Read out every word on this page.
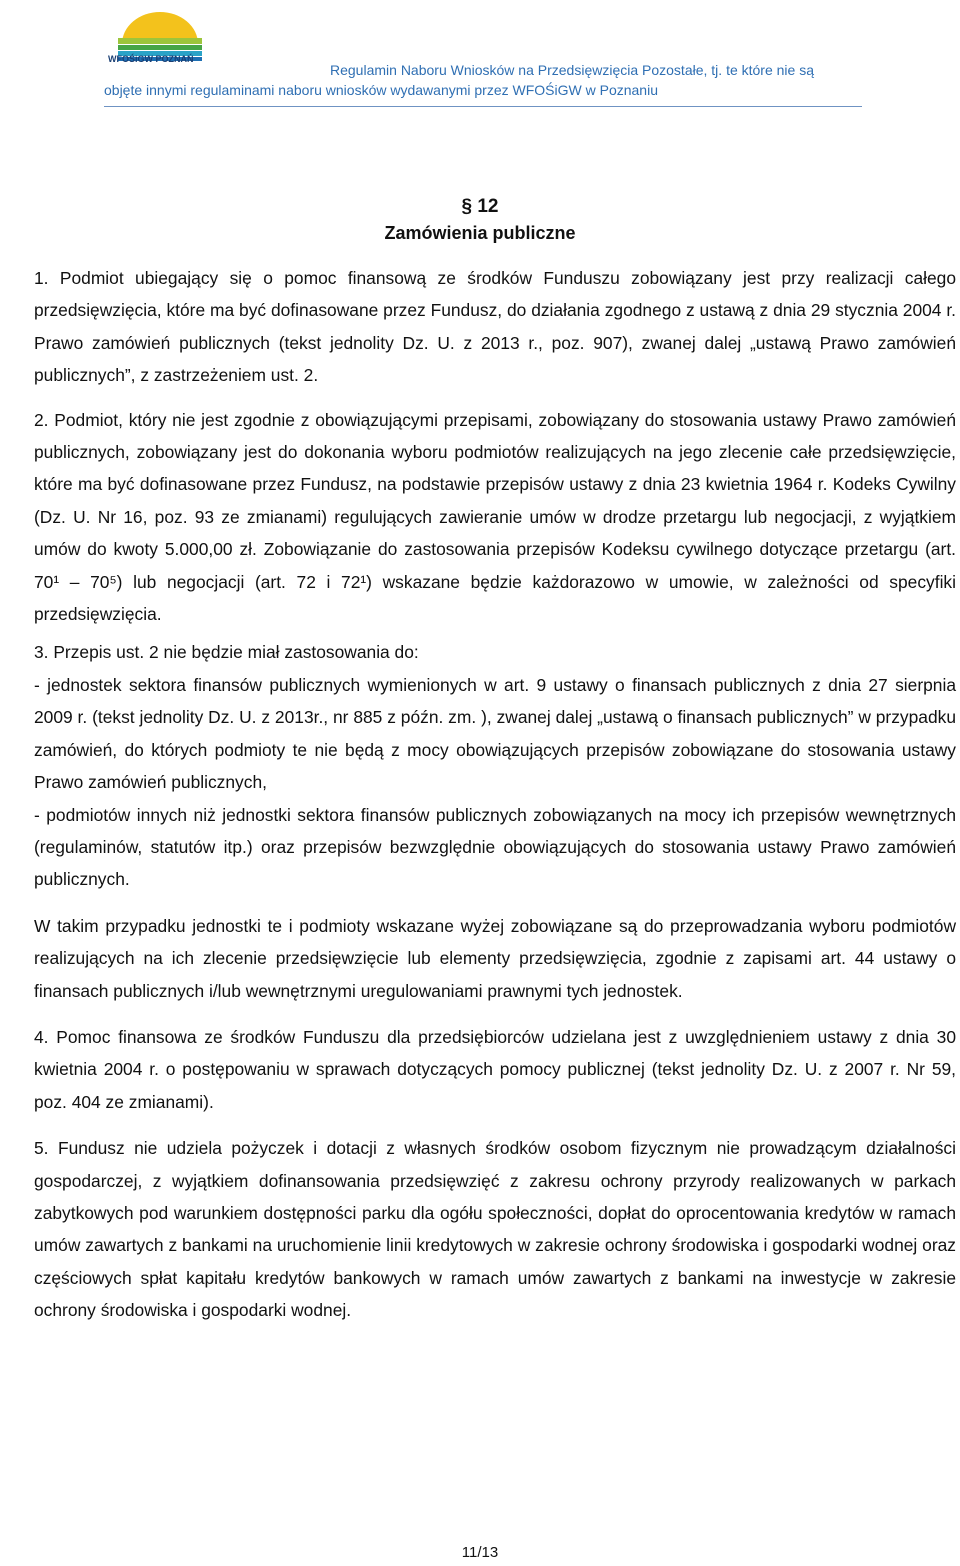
WFOŚiGW POZNAŃ
Regulamin Naboru Wniosków na Przedsięwzięcia Pozostałe, tj. te które nie są
objęte innymi regulaminami naboru wniosków wydawanymi przez WFOŚiGW w Poznaniu
§ 12
Zamówienia publiczne

1. Podmiot ubiegający się o pomoc finansową ze środków Funduszu zobowiązany jest przy realizacji całego przedsięwzięcia, które ma być dofinasowane przez Fundusz, do działania zgodnego z ustawą z dnia 29 stycznia 2004 r. Prawo zamówień publicznych (tekst jednolity Dz. U. z 2013 r., poz. 907), zwanej dalej „ustawą Prawo zamówień publicznych”, z zastrzeżeniem ust. 2.

2. Podmiot, który nie jest zgodnie z obowiązującymi przepisami, zobowiązany do stosowania ustawy Prawo zamówień publicznych, zobowiązany jest do dokonania wyboru podmiotów realizujących na jego zlecenie całe przedsięwzięcie, które ma być dofinasowane przez Fundusz, na podstawie przepisów ustawy z dnia 23 kwietnia 1964 r. Kodeks Cywilny (Dz. U. Nr 16, poz. 93 ze zmianami) regulujących zawieranie umów w drodze przetargu lub negocjacji, z wyjątkiem umów do kwoty 5.000,00 zł. Zobowiązanie do zastosowania przepisów Kodeksu cywilnego dotyczące przetargu (art. 70¹ – 70⁵) lub negocjacji (art. 72 i 72¹) wskazane będzie każdorazowo w umowie, w zależności od specyfiki przedsięwzięcia.

3. Przepis ust. 2 nie będzie miał zastosowania do:

- jednostek sektora finansów publicznych wymienionych w art. 9 ustawy o finansach publicznych z dnia 27 sierpnia 2009 r. (tekst jednolity Dz. U. z 2013r., nr 885 z późn. zm. ), zwanej dalej „ustawą o finansach publicznych” w przypadku zamówień, do których podmioty te nie będą z mocy obowiązujących przepisów zobowiązane do stosowania ustawy Prawo zamówień publicznych,

- podmiotów innych niż jednostki sektora finansów publicznych zobowiązanych na mocy ich przepisów wewnętrznych (regulaminów, statutów itp.) oraz przepisów bezwzględnie obowiązujących do stosowania ustawy Prawo zamówień publicznych.

W takim przypadku jednostki te i podmioty wskazane wyżej zobowiązane są do przeprowadzania wyboru podmiotów realizujących na ich zlecenie przedsięwzięcie lub elementy przedsięwzięcia, zgodnie z zapisami art. 44 ustawy o finansach publicznych i/lub wewnętrznymi uregulowaniami prawnymi tych jednostek.

4. Pomoc finansowa ze środków Funduszu dla przedsiębiorców udzielana jest z uwzględnieniem ustawy z dnia 30 kwietnia 2004 r. o postępowaniu w sprawach dotyczących pomocy publicznej (tekst jednolity Dz. U. z 2007 r. Nr 59, poz. 404 ze zmianami).

5. Fundusz nie udziela pożyczek i dotacji z własnych środków osobom fizycznym nie prowadzącym działalności gospodarczej, z wyjątkiem dofinansowania przedsięwzięć z zakresu ochrony przyrody realizowanych w parkach zabytkowych pod warunkiem dostępności parku dla ogółu społeczności, dopłat do oprocentowania kredytów w ramach umów zawartych z bankami na uruchomienie linii kredytowych w zakresie ochrony środowiska i gospodarki wodnej oraz częściowych spłat kapitału kredytów bankowych w ramach umów zawartych z bankami na inwestycje w zakresie ochrony środowiska i gospodarki wodnej.

11/13
